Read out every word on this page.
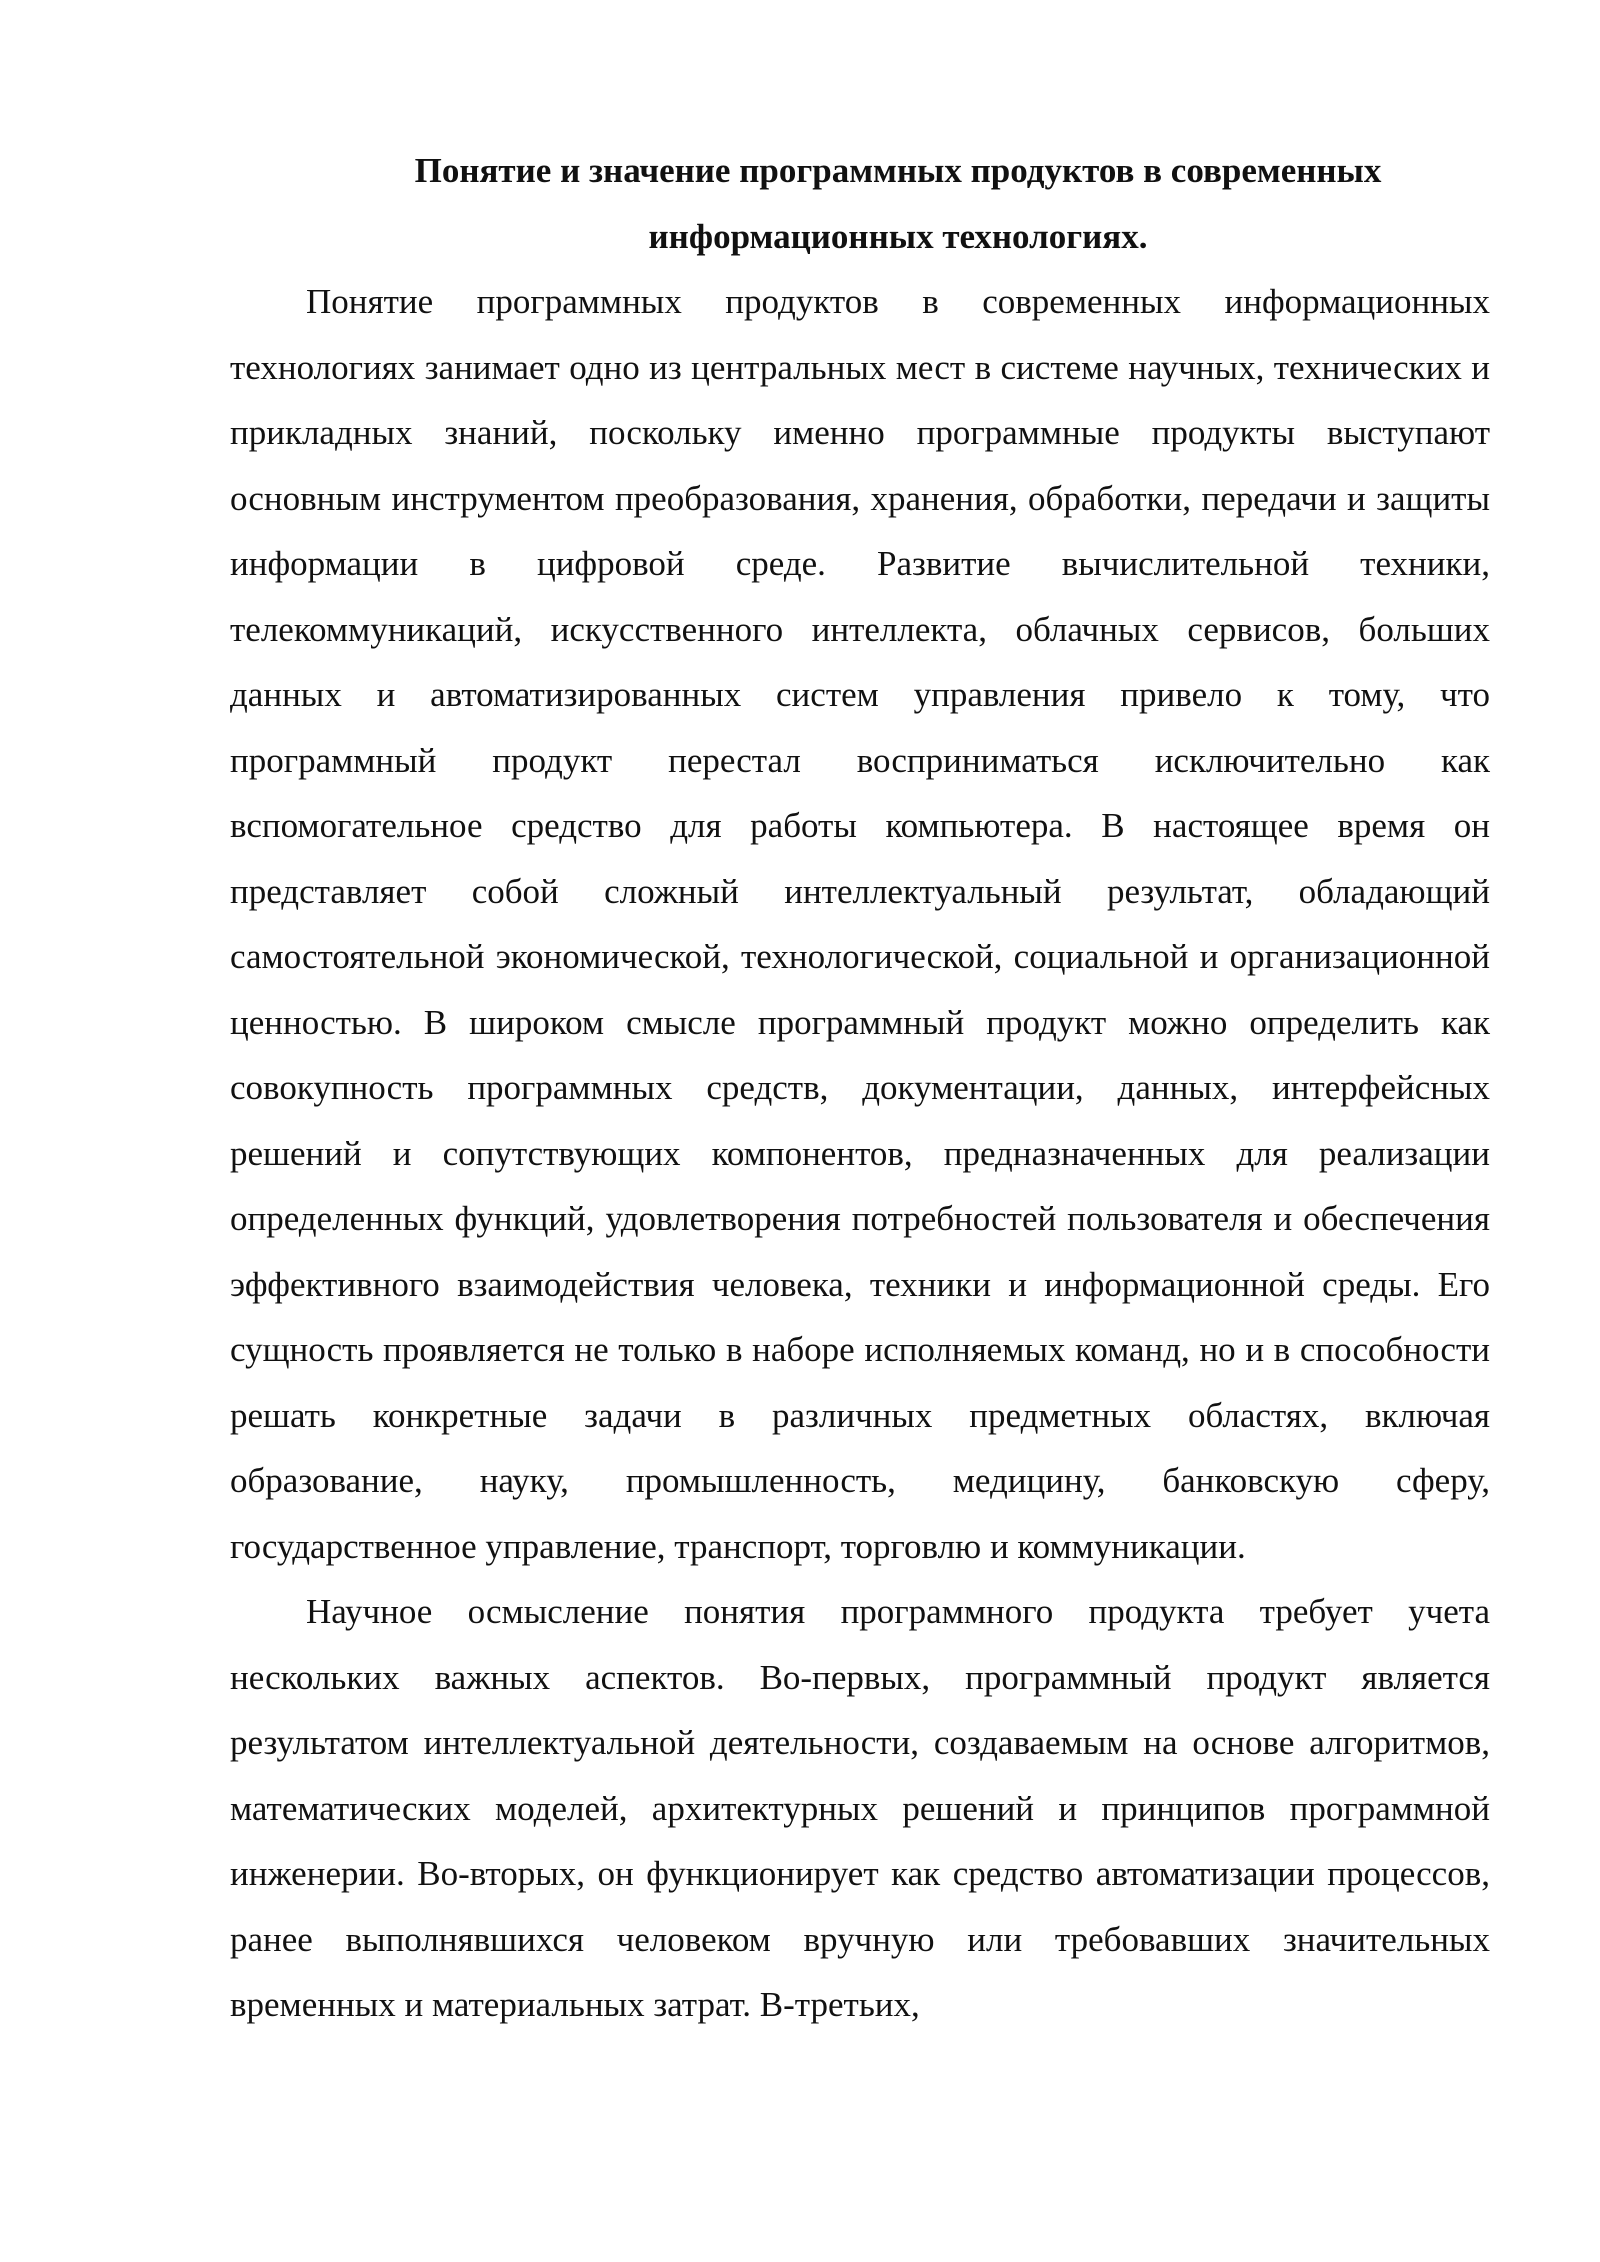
Понятие и значение программных продуктов в современных
информационных технологиях.

Понятие программных продуктов в современных информационных технологиях занимает одно из центральных мест в системе научных, технических и прикладных знаний, поскольку именно программные продукты выступают основным инструментом преобразования, хранения, обработки, передачи и защиты информации в цифровой среде. Развитие вычислительной техники, телекоммуникаций, искусственного интеллекта, облачных сервисов, больших данных и автоматизированных систем управления привело к тому, что программный продукт перестал восприниматься исключительно как вспомогательное средство для работы компьютера. В настоящее время он представляет собой сложный интеллектуальный результат, обладающий самостоятельной экономической, технологической, социальной и организационной ценностью. В широком смысле программный продукт можно определить как совокупность программных средств, документации, данных, интерфейсных решений и сопутствующих компонентов, предназначенных для реализации определенных функций, удовлетворения потребностей пользователя и обеспечения эффективного взаимодействия человека, техники и информационной среды. Его сущность проявляется не только в наборе исполняемых команд, но и в способности решать конкретные задачи в различных предметных областях, включая образование, науку, промышленность, медицину, банковскую сферу, государственное управление, транспорт, торговлю и коммуникации.

Научное осмысление понятия программного продукта требует учета нескольких важных аспектов. Во-первых, программный продукт является результатом интеллектуальной деятельности, создаваемым на основе алгоритмов, математических моделей, архитектурных решений и принципов программной инженерии. Во-вторых, он функционирует как средство автоматизации процессов, ранее выполнявшихся человеком вручную или требовавших значительных временных и материальных затрат. В-третьих,
